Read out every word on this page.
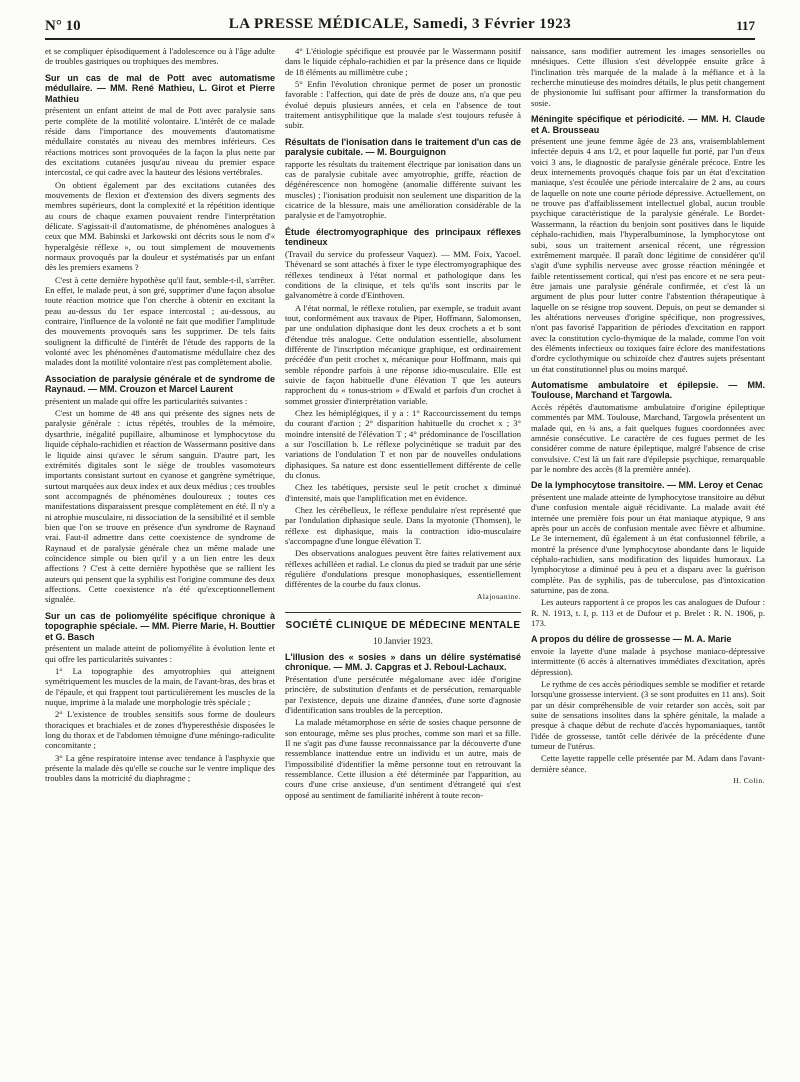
N° 10	LA PRESSE MÉDICALE, Samedi, 3 Février 1923	117

et se compliquer épisodiquement à l'adolescence ou à l'âge adulte de troubles gastriques ou trophiques des membres.

Sur un cas de mal de Pott avec automatisme médullaire. — MM. René Mathieu, L. Girot et Pierre Mathieu

présentent un enfant atteint de mal de Pott avec paralysie sans perte complète de la motilité volontaire. L'intérêt de ce malade réside dans l'importance des mouvements d'automatisme médullaire constatés au niveau des membres inférieurs. Ces réactions motrices sont provoquées de la façon la plus nette par des excitations cutanées jusqu'au niveau du premier espace intercostal, ce qui cadre avec la hauteur des lésions vertébrales.

On obtient également par des excitations cutanées des mouvements de flexion et d'extension des divers segments des membres supérieurs, dont la complexité et la répétition identique au cours de chaque examen pouvaient rendre l'interprétation délicate. S'agissait-il d'automatisme, de phénomènes analogues à ceux que MM. Babinski et Jarkowski ont décrits sous le nom d'« hyperalgésie réflexe », ou tout simplement de mouvements normaux provoqués par la douleur et systématisés par un enfant dès les premiers examens ?

C'est à cette dernière hypothèse qu'il faut, semble-t-il, s'arrêter. En effet, le malade peut, à son gré, supprimer d'une façon absolue toute réaction motrice que l'on cherche à obtenir en excitant la peau au-dessus du 1er espace intercostal ; au-dessous, au contraire, l'influence de la volonté ne fait que modifier l'amplitude des mouvements provoqués sans les supprimer. De tels faits soulignent la difficulté de l'intérêt de l'étude des rapports de la volonté avec les phénomènes d'automatisme médullaire chez des malades dont la motilité volontaire n'est pas complètement abolie.

Association de paralysie générale et de syndrome de Raynaud. — MM. Crouzon et Marcel Laurent

présentent un malade qui offre les particularités suivantes :

C'est un homme de 48 ans qui présente des signes nets de paralysie générale : ictus répétés, troubles de la mémoire, dysarthrie, inégalité pupillaire, albuminose et lymphocytose du liquide céphalo-rachidien et réaction de Wassermann positive dans le liquide ainsi qu'avec le sérum sanguin. D'autre part, les extrémités digitales sont le siège de troubles vasomoteurs importants consistant surtout en cyanose et gangrène symétrique, surtout marquées aux deux index et aux deux médius ; ces troubles sont accompagnés de phénomènes douloureux ; toutes ces manifestations disparaissent presque complètement en été. Il n'y a ni atrophie musculaire, ni dissociation de la sensibilité et il semble bien que l'on se trouve en présence d'un syndrome de Raynaud vrai. Faut-il admettre dans cette coexistence de syndrome de Raynaud et de paralysie générale chez un même malade une coïncidence simple ou bien qu'il y a un lien entre les deux affections ? C'est à cette dernière hypothèse que se rallient les auteurs qui pensent que la syphilis est l'origine commune des deux affections. Cette coexistence n'a été qu'exceptionnellement signalée.

Sur un cas de poliomyélite spécifique chronique à topographie spéciale. — MM. Pierre Marie, H. Bouttier et G. Basch

présentent un malade atteint de poliomyélite à évolution lente et qui offre les particularités suivantes :

1° La topographie des amyotrophies qui atteignent symétriquement les muscles de la main, de l'avant-bras, des bras et de l'épaule, et qui frappent tout particulièrement les muscles de la nuque, imprime à la malade une morphologie très spéciale ;

2° L'existence de troubles sensitifs sous forme de douleurs thoraciques et brachiales et de zones d'hyperesthésie disposées le long du thorax et de l'abdomen témoigne d'une méningo-radiculite concomitante ;

3° La gêne respiratoire intense avec tendance à l'asphyxie que présente la malade dès qu'elle se couche sur le ventre implique des troubles dans la motricité du diaphragme ;

4° L'étiologie spécifique est prouvée par le Wassermann positif dans le liquide céphalo-rachidien et par la présence dans ce liquide de 18 éléments au millimètre cube ;

5° Enfin l'évolution chronique permet de poser un pronostic favorable : l'affection, qui date de près de douze ans, n'a que peu évolué depuis plusieurs années, et cela en l'absence de tout traitement antisyphilitique que la malade s'est toujours refusée à subir.

Résultats de l'ionisation dans le traitement d'un cas de paralysie cubitale. — M. Bourguignon

rapporte les résultats du traitement électrique par ionisation dans un cas de paralysie cubitale avec amyotrophie, griffe, réaction de dégénérescence non homogène (anomalie différente suivant les muscles) ; l'ionisation produisit non seulement une disparition de la cicatrice de la blessure, mais une amélioration considérable de la paralysie et de l'amyotrophie.

Étude électromyographique des principaux réflexes tendineux

(Travail du service du professeur Vaquez). — MM. Foix, Yacoel. Thévenard se sont attachés à fixer le type électromyographique des réflexes tendineux à l'état normal et pathologique dans les conditions de la clinique, et tels qu'ils sont inscrits par le galvanomètre à corde d'Einthoven.

A l'état normal, le réflexe rotulien, par exemple, se traduit avant tout, conformément aux travaux de Piper, Hoffmann, Salomonsen, par une ondulation diphasique dont les deux crochets a et b sont d'étendue très analogue. Cette ondulation essentielle, absolument différente de l'inscription mécanique graphique, est ordinairement précédée d'un petit crochet x, mécanique pour Hoffmann, mais qui semble répondre parfois à une réponse idio-musculaire. Elle est suivie de façon habituelle d'une élévation T que les auteurs rapprochent du « tonus-striom » d'Ewald et parfois d'un crochet à sommet grossier d'interprétation variable.

Chez les hémiplégiques, il y a : 1° Raccourcissement du temps du courant d'action ; 2° disparition habituelle du crochet x ; 3° moindre intensité de l'élévation T ; 4° prédominance de l'oscillation a sur l'oscillation b. Le réflexe polycinétique se traduit par des variations de l'ondulation T et non par de nouvelles ondulations diphasiques. Sa nature est donc essentiellement différente de celle du clonus.

Chez les tabétiques, persiste seul le petit crochet x diminué d'intensité, mais que l'amplification met en évidence.

Chez les cérébelleux, le réflexe pendulaire n'est représenté que par l'ondulation diphasique seule. Dans la myotonie (Thomsen), le réflexe est diphasique, mais la contraction idio-musculaire s'accompagne d'une longue élévation T.

Des observations analogues peuvent être faites relativement aux réflexes achilléen et radial. Le clonus du pied se traduit par une série régulière d'ondulations presque monophasiques, essentiellement différentes de la courbe du faux clonus.

Alajouanine.
SOCIÉTÉ CLINIQUE DE MÉDECINE MENTALE
10 Janvier 1923.
L'illusion des « sosies » dans un délire systématisé chronique. — MM. J. Capgras et J. Reboul-Lachaux.

Présentation d'une persécutée mégalomane avec idée d'origine princière, de substitution d'enfants et de persécution, remarquable par l'existence, depuis une dizaine d'années, d'une sorte d'agnosie d'identification sans troubles de la perception.

La malade métamorphose en série de sosies chaque personne de son entourage, même ses plus proches, comme son mari et sa fille. Il ne s'agit pas d'une fausse reconnaissance par la découverte d'une ressemblance inattendue entre un individu et un autre, mais de l'impossibilité d'identifier la même personne tout en retrouvant la ressemblance. Cette illusion a été déterminée par l'apparition, au cours d'une crise anxieuse, d'un sentiment d'étrangeté qui s'est opposé au sentiment de familiarité inhérent à toute recon-

naissance, sans modifier autrement les images sensorielles ou mnésiques. Cette illusion s'est développée ensuite grâce à l'inclination très marquée de la malade à la méfiance et à la recherche minutieuse des moindres détails, le plus petit changement de physionomie lui suffisant pour affirmer la transformation du sosie.

Méningite spécifique et périodicité. — MM. H. Claude et A. Brousseau

présentent une jeune femme âgée de 23 ans, vraisemblablement infectée depuis 4 ans 1/2, et pour laquelle fut porté, par l'un d'eux voici 3 ans, le diagnostic de paralysie générale précoce. Entre les deux internements provoqués chaque fois par un état d'excitation maniaque, s'est écoulée une période intercalaire de 2 ans, au cours de laquelle on note une courte période dépressive. Actuellement, on ne trouve pas d'affaiblissement intellectuel global, aucun trouble psychique caractéristique de la paralysie générale. Le Bordet-Wassermann, la réaction du benjoin sont positives dans le liquide céphalo-rachidien, mais l'hyperalbuminose, la lymphocytose ont subi, sous un traitement arsenical récent, une régression extrêmement marquée. Il paraît donc légitime de considérer qu'il s'agit d'une syphilis nerveuse avec grosse réaction méningée et faible retentissement cortical, qui n'est pas encore et ne sera peut-être jamais une paralysie générale confirmée, et c'est là un argument de plus pour lutter contre l'abstention thérapeutique à laquelle on se résigne trop souvent. Depuis, on peut se demander si les altérations nerveuses d'origine spécifique, non progressives, n'ont pas favorisé l'apparition de périodes d'excitation en rapport avec la constitution cyclo-thymique de la malade, comme l'on voit des éléments infectieux ou toxiques faire éclore des manifestations d'ordre cyclothymique ou schizoïde chez d'autres sujets présentant un état constitutionnel plus ou moins marqué.

Automatisme ambulatoire et épilepsie. — MM. Toulouse, Marchand et Targowla.

Accès répétés d'automatisme ambulatoire d'origine épileptique commentés par MM. Toulouse, Marchand, Targowla présentent un malade qui, en ¼ ans, a fait quelques fugues coordonnées avec amnésie consécutive. Le caractère de ces fugues permet de les considérer comme de nature épileptique, malgré l'absence de crise convulsive. C'est là un fait rare d'épilepsie psychique, remarquable par le nombre des accès (8 la première année).

De la lymphocytose transitoire. — MM. Leroy et Cenac

présentent une malade atteinte de lymphocytose transitoire au début d'une confusion mentale aiguë récidivante. La malade avait été internée une première fois pour un état maniaque atypique, 9 ans après pour un accès de confusion mentale avec fièvre et albumine. Le 3e internement, dû également à un état confusionnel fébrile, a montré la présence d'une lymphocytose abondante dans le liquide céphalo-rachidien, sans modification des liquides humoraux. La lymphocytose a diminué peu à peu et a disparu avec la guérison complète. Pas de syphilis, pas de tuberculose, pas d'intoxication saturnine, pas de zona.

Les auteurs rapportent à ce propos les cas analogues de Dufour : R. N. 1913, t. I, p. 113 et de Dufour et p. Brelet : R. N. 1906, p. 173.

A propos du délire de grossesse — M. A. Marie

envoie la layette d'une malade à psychose maniaco-dépressive intermittente (6 accès à alternatives immédiates d'excitation, après dépression).

Le rythme de ces accès périodiques semble se modifier et retarde lorsqu'une grossesse intervient. (3 se sont produites en 11 ans). Soit par un désir compréhensible de voir retarder son accès, soit par suite de sensations insolites dans la sphère génitale, la malade a presque à chaque début de rechute d'accès hypomaniaques, tantôt l'idée de grossesse, tantôt celle dérivée de la précédente d'une tumeur de l'utérus.

Cette layette rappelle celle présentée par M. Adam dans l'avant-dernière séance.

H. Colin.
